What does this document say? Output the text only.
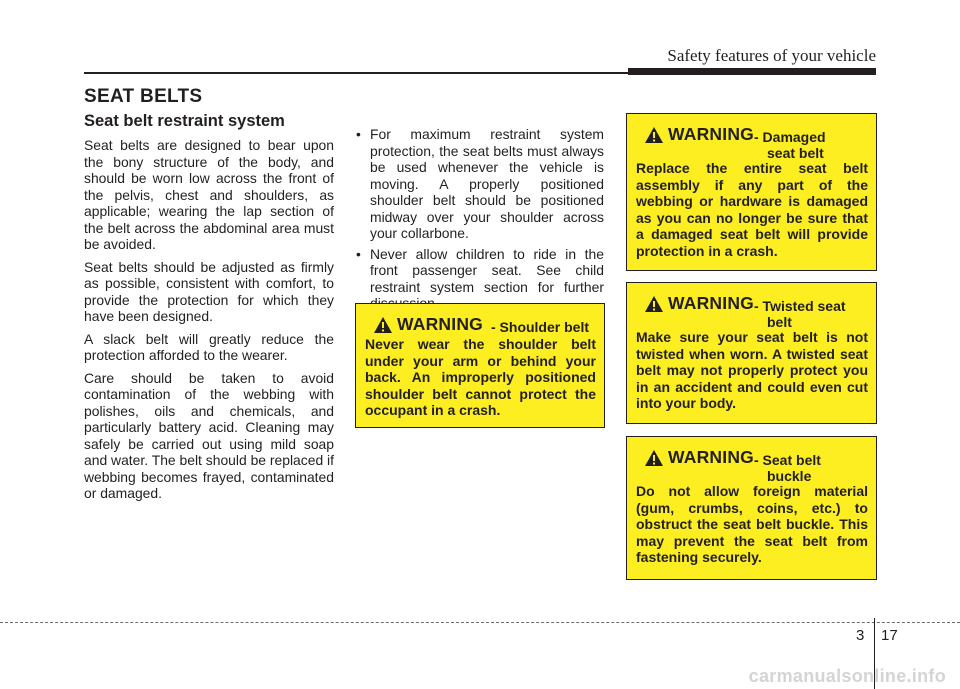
Safety features of your vehicle
SEAT BELTS
Seat belt restraint system

Seat belts are designed to bear upon the bony structure of the body, and should be worn low across the front of the pelvis, chest and shoulders, as applicable; wearing the lap section of the belt across the abdominal area must be avoided.

Seat belts should be adjusted as firmly as possible, consistent with comfort, to provide the protection for which they have been designed.

A slack belt will greatly reduce the protection afforded to the wearer.

Care should be taken to avoid contamination of the webbing with polishes, oils and chemicals, and particularly battery acid. Cleaning may safely be carried out using mild soap and water. The belt should be replaced if webbing becomes frayed, contaminated or damaged.

• For maximum restraint system protection, the seat belts must always be used whenever the vehicle is moving. A properly positioned shoulder belt should be positioned midway over your shoulder across your collarbone.
• Never allow children to ride in the front passenger seat. See child restraint system section for further
WARNING - Shoulder belt

Never wear the shoulder belt under your arm or behind your back. An improperly positioned shoulder belt cannot protect the occupant in a crash.

WARNING - Damaged
seat belt

Replace the entire seat belt assembly if any part of the webbing or hardware is damaged as you can no longer be sure that a damaged seat belt will provide protection in a crash.

WARNING - Twisted seat
belt

Make sure your seat belt is not twisted when worn. A twisted seat belt may not properly protect you in an accident and could even cut into your body.

WARNING - Seat belt
buckle

Do not allow foreign material (gum, crumbs, coins, etc.) to obstruct the seat belt buckle. This may prevent the seat belt from fastening securely.

3 17
carmanualsonline.info
